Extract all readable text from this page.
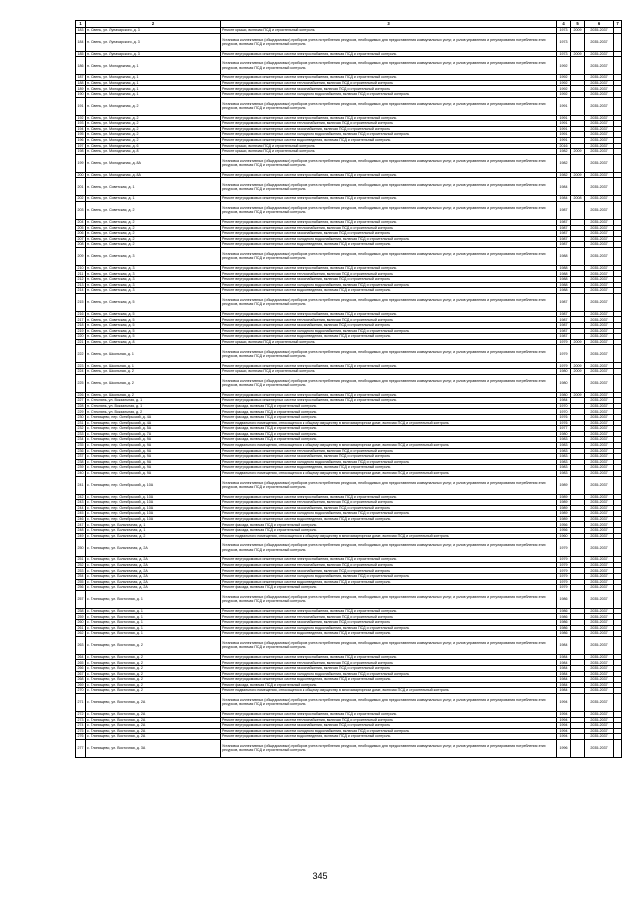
1	2	3	4	5	6	7
183	п. Свень, ул. Луначарского, д. 3	Ремонт крыши, включая ПСД и строительный контроль	1973	2009	2035-2037	
184	п. Свень, ул. Луначарского, д. 3	Установка коллективных (общедомовых) приборов учета потребления ресурсов, необходимых для предоставления коммунальных услуг, и узлов управления и регулирования потребления этих ресурсов, включая ПСД и строительный контроль	1973		2035-2037	
185	п. Свень, ул. Луначарского, д. 3	Ремонт внутридомовых инженерных систем электроснабжения, включая ПСД и строительный контроль	1973	2009	2035-2037	
186	п. Свень, ул. Молодежная, д. 1	Установка коллективных (общедомовых) приборов учета потребления ресурсов, необходимых для предоставления коммунальных услуг, и узлов управления и регулирования потребления этих ресурсов, включая ПСД и строительный контроль	1992		2035-2037	
187	п. Свень, ул. Молодежная, д. 1	Ремонт внутридомовых инженерных систем электроснабжения, включая ПСД и строительный контроль	1992		2035-2037	
188	п. Свень, ул. Молодежная, д. 1	Ремонт внутридомовых инженерных систем теплоснабжения, включая ПСД и строительный контроль	1992		2035-2037	
189	п. Свень, ул. Молодежная, д. 1	Ремонт внутридомовых инженерных систем газоснабжения, включая ПСД и строительный контроль	1992		2035-2037	
190	п. Свень, ул. Молодежная, д. 1	Ремонт внутридомовых инженерных систем холодного водоснабжения, включая ПСД и строительный контроль	1992		2035-2037	
191	п. Свень, ул. Молодежная, д. 2	Установка коллективных (общедомовых) приборов учета потребления ресурсов, необходимых для предоставления коммунальных услуг, и узлов управления и регулирования потребления этих ресурсов, включая ПСД и строительный контроль	1991		2035-2037	
192	п. Свень, ул. Молодежная, д. 2	Ремонт внутридомовых инженерных систем электроснабжения, включая ПСД и строительный контроль	1991		2035-2037	
193	п. Свень, ул. Молодежная, д. 2	Ремонт внутридомовых инженерных систем теплоснабжения, включая ПСД и строительный контроль	1991		2035-2037	
194	п. Свень, ул. Молодежная, д. 2	Ремонт внутридомовых инженерных систем газоснабжения, включая ПСД и строительный контроль	1991		2035-2037	
195	п. Свень, ул. Молодежная, д. 2	Ремонт внутридомовых инженерных систем холодного водоснабжения, включая ПСД и строительный контроль	1991		2035-2037	
196	п. Свень, ул. Молодежная, д. 2	Ремонт внутридомовых инженерных систем водоотведения, включая ПСД и строительный контроль	1991		2035-2037	
197	п. Свень, ул. Молодежная, д. 6	Ремонт крыши, включая ПСД и строительный контроль	2016		2035-2037	
198	п. Свень, ул. Молодежная, д. 8	Ремонт крыши, включая ПСД и строительный контроль	1982	2009	2035-2037	
199	п. Свень, ул. Молодежная, д. 8А	Установка коллективных (общедомовых) приборов учета потребления ресурсов, необходимых для предоставления коммунальных услуг, и узлов управления и регулирования потребления этих ресурсов, включая ПСД и строительный контроль	1982		2035-2037	
200	п. Свень, ул. Молодежная, д. 8А	Ремонт внутридомовых инженерных систем электроснабжения, включая ПСД и строительный контроль	1982	2009	2035-2037	
201	п. Свень, ул. Советская, д. 1	Установка коллективных (общедомовых) приборов учета потребления ресурсов, необходимых для предоставления коммунальных услуг, и узлов управления и регулирования потребления этих ресурсов, включая ПСД и строительный контроль	1984		2035-2037	
202	п. Свень, ул. Советская, д. 1	Ремонт внутридомовых инженерных систем электроснабжения, включая ПСД и строительный контроль	1984	2008	2035-2037	
203	п. Свень, ул. Советская, д. 2	Установка коллективных (общедомовых) приборов учета потребления ресурсов, необходимых для предоставления коммунальных услуг, и узлов управления и регулирования потребления этих ресурсов, включая ПСД и строительный контроль	1987		2035-2037	
204	п. Свень, ул. Советская, д. 2	Ремонт внутридомовых инженерных систем электроснабжения, включая ПСД и строительный контроль	1987		2035-2037	
205	п. Свень, ул. Советская, д. 2	Ремонт внутридомовых инженерных систем теплоснабжения, включая ПСД и строительный контроль	1987		2035-2037	
206	п. Свень, ул. Советская, д. 2	Ремонт внутридомовых инженерных систем газоснабжения, включая ПСД и строительный контроль	1987		2035-2037	
207	п. Свень, ул. Советская, д. 2	Ремонт внутридомовых инженерных систем холодного водоснабжения, включая ПСД и строительный контроль	1987		2035-2037	
208	п. Свень, ул. Советская, д. 2	Ремонт внутридомовых инженерных систем водоотведения, включая ПСД и строительный контроль	1987		2035-2037	
209	п. Свень, ул. Советская, д. 3	Установка коллективных (общедомовых) приборов учета потребления ресурсов, необходимых для предоставления коммунальных услуг, и узлов управления и регулирования потребления этих ресурсов, включая ПСД и строительный контроль	1988		2035-2037	
210	п. Свень, ул. Советская, д. 3	Ремонт внутридомовых инженерных систем электроснабжения, включая ПСД и строительный контроль	1988		2035-2037	
211	п. Свень, ул. Советская, д. 3	Ремонт внутридомовых инженерных систем теплоснабжения, включая ПСД и строительный контроль	1988		2035-2037	
212	п. Свень, ул. Советская, д. 3	Ремонт внутридомовых инженерных систем газоснабжения, включая ПСД и строительный контроль	1988		2035-2037	
213	п. Свень, ул. Советская, д. 3	Ремонт внутридомовых инженерных систем холодного водоснабжения, включая ПСД и строительный контроль	1988		2035-2037	
214	п. Свень, ул. Советская, д. 3	Ремонт внутридомовых инженерных систем водоотведения, включая ПСД и строительный контроль	1988		2035-2037	
215	п. Свень, ул. Советская, д. 5	Установка коллективных (общедомовых) приборов учета потребления ресурсов, необходимых для предоставления коммунальных услуг, и узлов управления и регулирования потребления этих ресурсов, включая ПСД и строительный контроль	1987		2035-2037	
216	п. Свень, ул. Советская, д. 5	Ремонт внутридомовых инженерных систем электроснабжения, включая ПСД и строительный контроль	1987		2035-2037	
217	п. Свень, ул. Советская, д. 5	Ремонт внутридомовых инженерных систем теплоснабжения, включая ПСД и строительный контроль	1987		2035-2037	
218	п. Свень, ул. Советская, д. 5	Ремонт внутридомовых инженерных систем газоснабжения, включая ПСД и строительный контроль	1987		2035-2037	
219	п. Свень, ул. Советская, д. 5	Ремонт внутридомовых инженерных систем холодного водоснабжения, включая ПСД и строительный контроль	1987		2035-2037	
220	п. Свень, ул. Советская, д. 5	Ремонт внутридомовых инженерных систем водоотведения, включая ПСД и строительный контроль	1987		2035-2037	
221	п. Свень, ул. Советская, д. 8	Ремонт крыши, включая ПСД и строительный контроль	1979	2009	2035-2037	
222	п. Свень, ул. Школьная, д. 1	Установка коллективных (общедомовых) приборов учета потребления ресурсов, необходимых для предоставления коммунальных услуг, и узлов управления и регулирования потребления этих ресурсов, включая ПСД и строительный контроль	1979		2035-2037	
223	п. Свень, ул. Школьная, д. 1	Ремонт внутридомовых инженерных систем электроснабжения, включая ПСД и строительный контроль	1979	2009	2035-2037	
224	п. Свень, ул. Школьная, д. 2	Ремонт крыши, включая ПСД и строительный контроль	1980	2009	2035-2037	
225	п. Свень, ул. Школьная, д. 2	Установка коллективных (общедомовых) приборов учета потребления ресурсов, необходимых для предоставления коммунальных услуг, и узлов управления и регулирования потребления этих ресурсов, включая ПСД и строительный контроль	1980		2035-2037	
226	п. Свень, ул. Школьная, д. 2	Ремонт внутридомовых инженерных систем электроснабжения, включая ПСД и строительный контроль	1980	2009	2035-2037	
227	п. Стеклянь, ул. Вокзальная, д. 1	Ремонт внутридомовых инженерных систем электроснабжения, включая ПСД и строительный контроль	1984		2035-2037	
228	п. Стеклянь, ул. Вокзальная, д. 1	Ремонт фасада, включая ПСД и строительный контроль	1970		2035-2037	
229	п. Стеклянь, ул. Вокзальная, д. 2	Ремонт фасада, включая ПСД и строительный контроль	1970		2035-2037	
230	с. Глинищево, пер. Октябрьский, д. 4А	Ремонт фасада, включая ПСД и строительный контроль	1976		2035-2037	
231	с. Глинищево, пер. Октябрьский, д. 4А	Ремонт подвального помещения, относящегося к общему имуществу в многоквартирном доме, включая ПСД и строительный контроль	1976		2035-2037	
232	с. Глинищево, пер. Октябрьский, д. 5А	Ремонт фасада, включая ПСД и строительный контроль	1977		2035-2037	
233	с. Глинищево, пер. Октябрьский, д. 7А	Ремонт фасада, включая ПСД и строительный контроль	1980		2035-2037	
234	с. Глинищево, пер. Октябрьский, д. 9А	Ремонт фасада, включая ПСД и строительный контроль	1983		2035-2037	
235	с. Глинищево, пер. Октябрьский, д. 9А	Ремонт подвального помещения, относящегося к общему имуществу в многоквартирном доме, включая ПСД и строительный контроль	1983		2035-2037	
236	с. Глинищево, пер. Октябрьский, д. 9А	Ремонт внутридомовых инженерных систем теплоснабжения, включая ПСД и строительный контроль	1983		2035-2037	
237	с. Глинищево, пер. Октябрьский, д. 9А	Ремонт внутридомовых инженерных систем газоснабжения, включая ПСД и строительный контроль	1983		2035-2037	
238	с. Глинищево, пер. Октябрьский, д. 9А	Ремонт внутридомовых инженерных систем холодного водоснабжения, включая ПСД и строительный контроль	1983		2035-2037	
239	с. Глинищево, пер. Октябрьский, д. 9А	Ремонт внутридомовых инженерных систем водоотведения, включая ПСД и строительный контроль	1983		2035-2037	
240	с. Глинищево, пер. Октябрьский, д. 9А	Ремонт подвального помещения, относящегося к общему имуществу в многоквартирном доме, включая ПСД и строительный контроль	1983		2035-2037	
241	с. Глинищево, пер. Октябрьский, д. 10А	Установка коллективных (общедомовых) приборов учета потребления ресурсов, необходимых для предоставления коммунальных услуг, и узлов управления и регулирования потребления этих ресурсов, включая ПСД и строительный контроль	1989		2035-2037	
242	с. Глинищево, пер. Октябрьский, д. 10А	Ремонт внутридомовых инженерных систем электроснабжения, включая ПСД и строительный контроль	1989		2035-2037	
243	с. Глинищево, пер. Октябрьский, д. 10А	Ремонт внутридомовых инженерных систем теплоснабжения, включая ПСД и строительный контроль	1989		2035-2037	
244	с. Глинищево, пер. Октябрьский, д. 10А	Ремонт внутридомовых инженерных систем газоснабжения, включая ПСД и строительный контроль	1989		2035-2037	
245	с. Глинищево, пер. Октябрьский, д. 10А	Ремонт внутридомовых инженерных систем холодного водоснабжения, включая ПСД и строительный контроль	1989		2035-2037	
246	с. Глинищево, пер. Октябрьский, д. 10А	Ремонт внутридомовых инженерных систем водоотведения, включая ПСД и строительный контроль	1989		2035-2037	
247	с. Глинищево, ул. Больничная, д. 1	Ремонт фасада, включая ПСД и строительный контроль	1956		2035-2037	
248	с. Глинищево, ул. Больничная, д. 1	Ремонт фасада, включая ПСД и строительный контроль	1956		2035-2037	
249	с. Глинищево, ул. Больничная, д. 2	Ремонт подвального помещения, относящегося к общему имуществу в многоквартирном доме, включая ПСД и строительный контроль	1960		2035-2037	
250	с. Глинищево, ул. Больничная, д. 2А	Установка коллективных (общедомовых) приборов учета потребления ресурсов, необходимых для предоставления коммунальных услуг, и узлов управления и регулирования потребления этих ресурсов, включая ПСД и строительный контроль	1979		2035-2037	
251	с. Глинищево, ул. Больничная, д. 2А	Ремонт внутридомовых инженерных систем электроснабжения, включая ПСД и строительный контроль	1979		2035-2037	
252	с. Глинищево, ул. Больничная, д. 2А	Ремонт внутридомовых инженерных систем теплоснабжения, включая ПСД и строительный контроль	1979		2035-2037	
253	с. Глинищево, ул. Больничная, д. 2А	Ремонт внутридомовых инженерных систем газоснабжения, включая ПСД и строительный контроль	1979		2035-2037	
254	с. Глинищево, ул. Больничная, д. 2А	Ремонт внутридомовых инженерных систем холодного водоснабжения, включая ПСД и строительный контроль	1979		2035-2037	
255	с. Глинищево, ул. Больничная, д. 2А	Ремонт внутридомовых инженерных систем водоотведения, включая ПСД и строительный контроль	1979		2035-2037	
256	с. Глинищево, ул. Больничная, д. 2А	Ремонт фасада, включая ПСД и строительный контроль	1979		2035-2037	
257	с. Глинищево, ул. Восточная, д. 1	Установка коллективных (общедомовых) приборов учета потребления ресурсов, необходимых для предоставления коммунальных услуг, и узлов управления и регулирования потребления этих ресурсов, включая ПСД и строительный контроль	1986		2035-2037	
258	с. Глинищево, ул. Восточная, д. 1	Ремонт внутридомовых инженерных систем электроснабжения, включая ПСД и строительный контроль	1986		2035-2037	
259	с. Глинищево, ул. Восточная, д. 1	Ремонт внутридомовых инженерных систем теплоснабжения, включая ПСД и строительный контроль	1986		2035-2037	
260	с. Глинищево, ул. Восточная, д. 1	Ремонт внутридомовых инженерных систем газоснабжения, включая ПСД и строительный контроль	1986		2035-2037	
261	с. Глинищево, ул. Восточная, д. 1	Ремонт внутридомовых инженерных систем холодного водоснабжения, включая ПСД и строительный контроль	1986		2035-2037	
262	с. Глинищево, ул. Восточная, д. 1	Ремонт внутридомовых инженерных систем водоотведения, включая ПСД и строительный контроль	1986		2035-2037	
263	с. Глинищево, ул. Восточная, д. 2	Установка коллективных (общедомовых) приборов учета потребления ресурсов, необходимых для предоставления коммунальных услуг, и узлов управления и регулирования потребления этих ресурсов, включая ПСД и строительный контроль	1984		2035-2037	
264	с. Глинищево, ул. Восточная, д. 2	Ремонт внутридомовых инженерных систем электроснабжения, включая ПСД и строительный контроль	1984		2035-2037	
265	с. Глинищево, ул. Восточная, д. 2	Ремонт внутридомовых инженерных систем теплоснабжения, включая ПСД и строительный контроль	1984		2035-2037	
266	с. Глинищево, ул. Восточная, д. 2	Ремонт внутридомовых инженерных систем газоснабжения, включая ПСД и строительный контроль	1984		2035-2037	
267	с. Глинищево, ул. Восточная, д. 2	Ремонт внутридомовых инженерных систем холодного водоснабжения, включая ПСД и строительный контроль	1984		2035-2037	
268	с. Глинищево, ул. Восточная, д. 2	Ремонт внутридомовых инженерных систем водоотведения, включая ПСД и строительный контроль	1984		2035-2037	
269	с. Глинищево, ул. Восточная, д. 2	Ремонт фасада, включая ПСД и строительный контроль	1984		2035-2037	
270	с. Глинищево, ул. Восточная, д. 2	Ремонт подвального помещения, относящегося к общему имуществу в многоквартирном доме, включая ПСД и строительный контроль	1984		2035-2037	
271	с. Глинищево, ул. Восточная, д. 2А	Установка коллективных (общедомовых) приборов учета потребления ресурсов, необходимых для предоставления коммунальных услуг, и узлов управления и регулирования потребления этих ресурсов, включая ПСД и строительный контроль	1994		2035-2037	
272	с. Глинищево, ул. Восточная, д. 2А	Ремонт внутридомовых инженерных систем электроснабжения, включая ПСД и строительный контроль	1994		2035-2037	
273	с. Глинищево, ул. Восточная, д. 2А	Ремонт внутридомовых инженерных систем теплоснабжения, включая ПСД и строительный контроль	1994		2035-2037	
274	с. Глинищево, ул. Восточная, д. 2А	Ремонт внутридомовых инженерных систем газоснабжения, включая ПСД и строительный контроль	1994		2035-2037	
275	с. Глинищево, ул. Восточная, д. 2А	Ремонт внутридомовых инженерных систем холодного водоснабжения, включая ПСД и строительный контроль	1994		2035-2037	
276	с. Глинищево, ул. Восточная, д. 2А	Ремонт внутридомовых инженерных систем водоотведения, включая ПСД и строительный контроль	1994		2035-2037	
277	с. Глинищево, ул. Восточная, д. 3А	Установка коллективных (общедомовых) приборов учета потребления ресурсов, необходимых для предоставления коммунальных услуг, и узлов управления и регулирования потребления этих ресурсов, включая ПСД и строительный контроль	1996		2035-2037	
345
